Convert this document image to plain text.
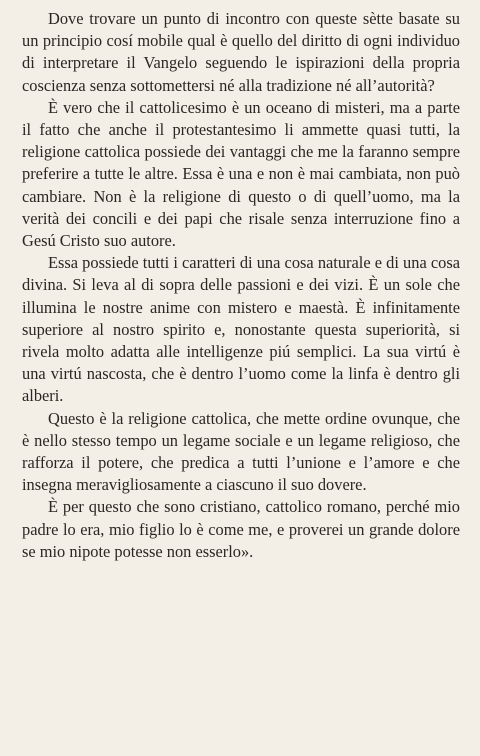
Dove trovare un punto di incontro con queste sètte basate su un principio cosí mobile qual è quello del diritto di ogni individuo di interpretare il Vangelo seguendo le ispirazioni della propria coscienza senza sottomettersi né alla tradizione né all’autorità?

È vero che il cattolicesimo è un oceano di misteri, ma a parte il fatto che anche il protestantesimo li ammette quasi tutti, la religione cattolica possiede dei vantaggi che me la faranno sempre preferire a tutte le altre. Essa è una e non è mai cambiata, non può cambiare. Non è la religione di questo o di quell’uomo, ma la verità dei concili e dei papi che risale senza interruzione fino a Gesú Cristo suo autore.

Essa possiede tutti i caratteri di una cosa naturale e di una cosa divina. Si leva al di sopra delle passioni e dei vizi. È un sole che illumina le nostre anime con mistero e maestà. È infinitamente superiore al nostro spirito e, nonostante questa superiorità, si rivela molto adatta alle intelligenze piú semplici. La sua virtú è una virtú nascosta, che è dentro l’uomo come la linfa è dentro gli alberi.

Questo è la religione cattolica, che mette ordine ovunque, che è nello stesso tempo un legame sociale e un legame religioso, che rafforza il potere, che predica a tutti l’unione e l’amore e che insegna meravigliosamente a ciascuno il suo dovere.

È per questo che sono cristiano, cattolico romano, perché mio padre lo era, mio figlio lo è come me, e proverei un grande dolore se mio nipote potesse non esserlo».
